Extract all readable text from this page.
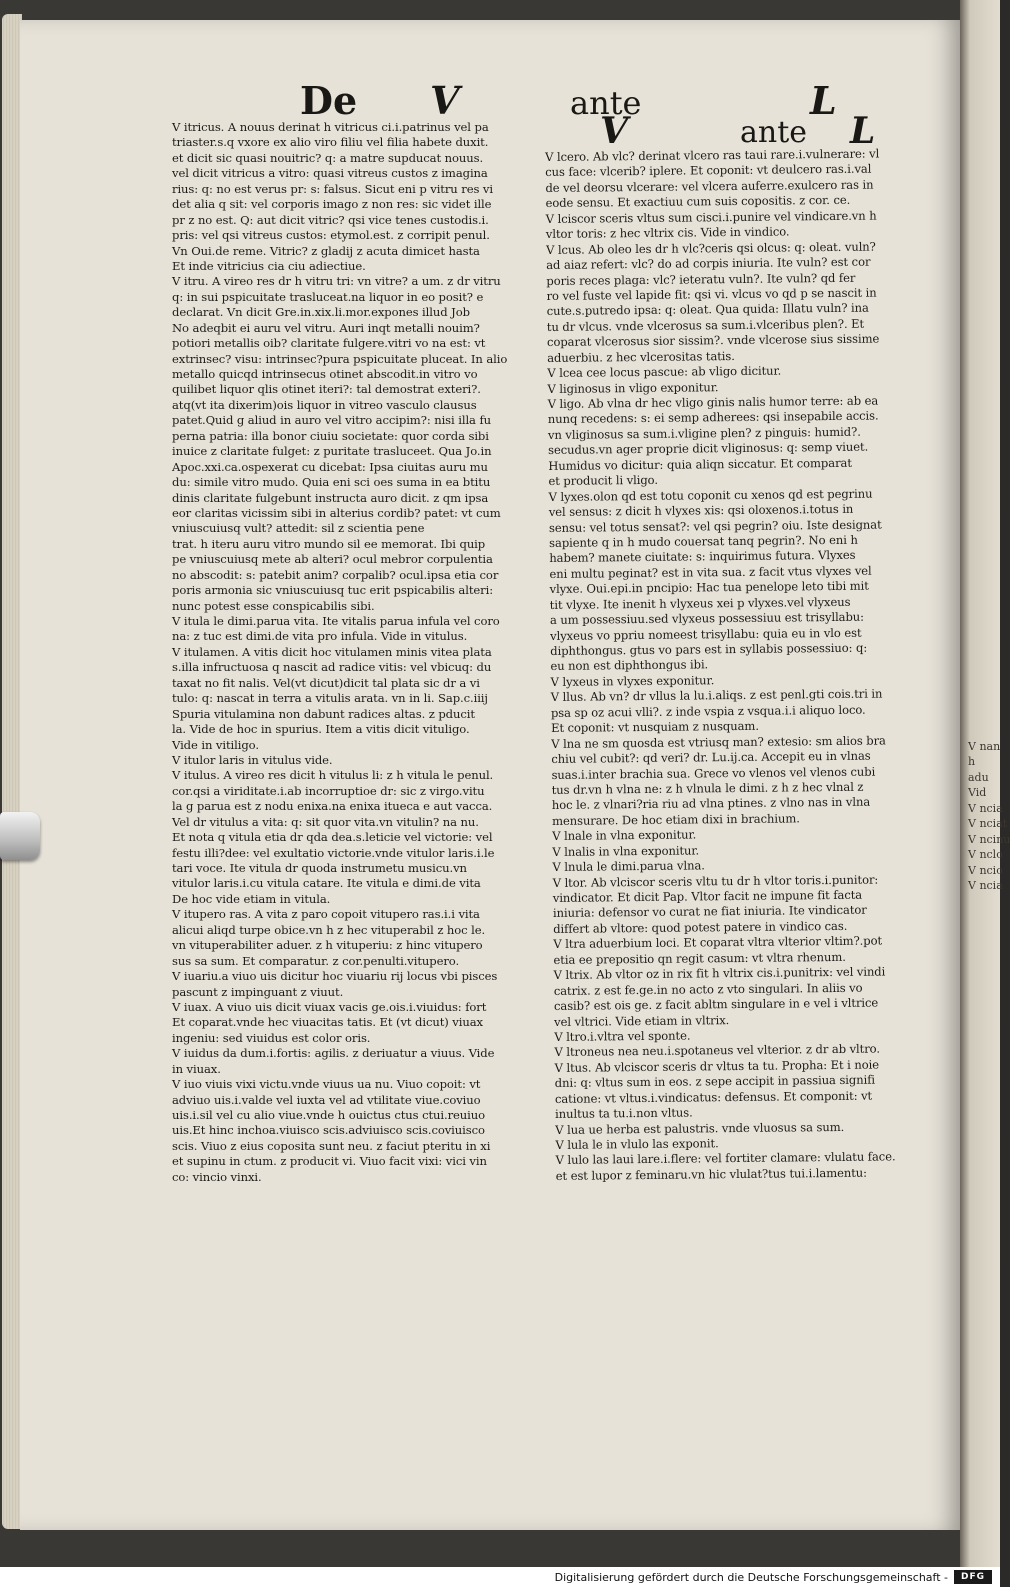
De V	ante	L
V	ante L
V itricus. A nouus derinat h vitricus ci.i.patrinus vel pa
triaster.s.q vxore ex alio viro filiu vel filia habete duxit.
et dicit sic quasi nouitric? q: a matre supducat nouus.
vel dicit vitricus a vitro: quasi vitreus custos z imagina
rius: q: no est verus pr: s: falsus. Sicut eni p vitru res vi
det alia q sit: vel corporis imago z non res: sic videt ille
pr z no est. Q: aut dicit vitric? qsi vice tenes custodis.i.
pris: vel qsi vitreus custos: etymol.est. z corripit penul.
Vn Oui.de reme. Vitric? z gladij z acuta dimicet hasta
Et inde vitricius cia ciu adiectiue.
V itru. A vireo res dr h vitru tri: vn vitre? a um. z dr vitru
q: in sui pspicuitate trasluceat.na liquor in eo posit? e
declarat. Vn dicit Gre.in.xix.li.mor.expones illud Job
No adeqbit ei auru vel vitru. Auri inqt metalli nouim?
potiori metallis oib? claritate fulgere.vitri vo na est: vt
extrinsec? visu: intrinsec?pura pspicuitate pluceat. In alio
metallo quicqd intrinsecus otinet abscodit.in vitro vo
quilibet liquor qlis otinet iteri?: tal demostrat exteri?.
atq(vt ita dixerim)ois liquor in vitreo vasculo clausus
patet.Quid g aliud in auro vel vitro accipim?: nisi illa fu
perna patria: illa bonor ciuiu societate: quor corda sibi
inuice z claritate fulget: z puritate trasluceet. Qua Jo.in
Apoc.xxi.ca.ospexerat cu dicebat: Ipsa ciuitas auru mu
du: simile vitro mudo. Quia eni sci oes suma in ea btitu
dinis claritate fulgebunt instructa auro dicit. z qm ipsa
eor claritas vicissim sibi in alterius cordib? patet: vt cum
vniuscuiusq vult? attedit: sil z scientia pene
trat. h iteru auru vitro mundo sil ee memorat. Ibi quip
pe vniuscuiusq mete ab alteri? ocul mebror corpulentia
no abscodit: s: patebit anim? corpalib? ocul.ipsa etia cor
poris armonia sic vniuscuiusq tuc erit pspicabilis alteri:
nunc potest esse conspicabilis sibi.
V itula le dimi.parua vita. Ite vitalis parua infula vel coro
na: z tuc est dimi.de vita pro infula. Vide in vitulus.
V itulamen. A vitis dicit hoc vitulamen minis vitea plata
s.illa infructuosa q nascit ad radice vitis: vel vbicuq: du
taxat no fit nalis. Vel(vt dicut)dicit tal plata sic dr a vi
tulo: q: nascat in terra a vitulis arata. vn in li. Sap.c.iiij
Spuria vitulamina non dabunt radices altas. z pducit
la. Vide de hoc in spurius. Item a vitis dicit vituligo.
Vide in vitiligo.
V itulor laris in vitulus vide.
V itulus. A vireo res dicit h vitulus li: z h vitula le penul.
cor.qsi a viriditate.i.ab incorruptioe dr: sic z virgo.vitu
la g parua est z nodu enixa.na enixa itueca e aut vacca.
Vel dr vitulus a vita: q: sit quor vita.vn vitulin? na nu.
Et nota q vitula etia dr qda dea.s.leticie vel victorie: vel
festu illi?dee: vel exultatio victorie.vnde vitulor laris.i.le
tari voce. Ite vitula dr quoda instrumetu musicu.vn
vitulor laris.i.cu vitula catare. Ite vitula e dimi.de vita
De hoc vide etiam in vitula.
V itupero ras. A vita z paro copoit vitupero ras.i.i vita
alicui aliqd turpe obice.vn h z hec vituperabil z hoc le.
vn vituperabiliter aduer. z h vituperiu: z hinc vitupero
sus sa sum. Et comparatur. z cor.penulti.vitupero.
V iuariu.a viuo uis dicitur hoc viuariu rij locus vbi pisces
pascunt z impinguant z viuut.
V iuax. A viuo uis dicit viuax vacis ge.ois.i.viuidus: fort
Et coparat.vnde hec viuacitas tatis. Et (vt dicut) viuax
ingeniu: sed viuidus est color oris.
V iuidus da dum.i.fortis: agilis. z deriuatur a viuus. Vide
in viuax.
V iuo viuis vixi victu.vnde viuus ua nu. Viuo copoit: vt
adviuo uis.i.valde vel iuxta vel ad vtilitate viue.coviuo
uis.i.sil vel cu alio viue.vnde h ouictus ctus ctui.reuiuo
uis.Et hinc inchoa.viuisco scis.adviuisco scis.coviuisco
scis. Viuo z eius coposita sunt neu. z faciut pteritu in xi
et supinu in ctum. z producit vi. Viuo facit vixi: vici vin
co: vincio vinxi.
V lcero. Ab vlc? derinat vlcero ras taui rare.i.vulnerare: vl
cus face: vlcerib? iplere. Et coponit: vt deulcero ras.i.val
de vel deorsu vlcerare: vel vlcera auferre.exulcero ras in
eode sensu. Et exactiuu cum suis copositis. z cor. ce.
V lciscor sceris vltus sum cisci.i.punire vel vindicare.vn h
vltor toris: z hec vltrix cis. Vide in vindico.
V lcus. Ab oleo les dr h vlc?ceris qsi olcus: q: oleat. vuln?
ad aiaz refert: vlc? do ad corpis iniuria. Ite vuln? est cor
poris reces plaga: vlc? ieteratu vuln?. Ite vuln? qd fer
ro vel fuste vel lapide fit: qsi vi. vlcus vo qd p se nascit in
cute.s.putredo ipsa: q: oleat. Qua quida: Illatu vuln? ina
tu dr vlcus. vnde vlcerosus sa sum.i.vlceribus plen?. Et
coparat vlcerosus sior sissim?. vnde vlcerose sius sissime
aduerbiu. z hec vlcerositas tatis.
V lcea cee locus pascue: ab vligo dicitur.
V liginosus in vligo exponitur.
V ligo. Ab vlna dr hec vligo ginis nalis humor terre: ab ea
nunq recedens: s: ei semp adherees: qsi insepabile accis.
vn vliginosus sa sum.i.vligine plen? z pinguis: humid?.
secudus.vn ager proprie dicit vliginosus: q: semp viuet.
Humidus vo dicitur: quia aliqn siccatur. Et comparat
et producit li vligo.
V lyxes.olon qd est totu coponit cu xenos qd est pegrinu
vel sensus: z dicit h vlyxes xis: qsi oloxenos.i.totus in
sensu: vel totus sensat?: vel qsi pegrin? oiu. Iste designat
sapiente q in h mudo couersat tanq pegrin?. No eni h
habem? manete ciuitate: s: inquirimus futura. Vlyxes
eni multu peginat? est in vita sua. z facit vtus vlyxes vel
vlyxe. Oui.epi.in pncipio: Hac tua penelope leto tibi mit
tit vlyxe. Ite inenit h vlyxeus xei p vlyxes.vel vlyxeus
a um possessiuu.sed vlyxeus possessiuu est trisyllabu:
vlyxeus vo ppriu nomeest trisyllabu: quia eu in vlo est
diphthongus. gtus vo pars est in syllabis possessiuo: q:
eu non est diphthongus ibi.
V lyxeus in vlyxes exponitur.
V llus. Ab vn? dr vllus la lu.i.aliqs. z est penl.gti cois.tri in
psa sp oz acui vlli?. z inde vspia z vsqua.i.i aliquo loco.
Et coponit: vt nusquiam z nusquam.
V lna ne sm quosda est vtriusq man? extesio: sm alios bra
chiu vel cubit?: qd veri? dr. Lu.ij.ca. Accepit eu in vlnas
suas.i.inter brachia sua. Grece vo vlenos vel vlenos cubi
tus dr.vn h vlna ne: z h vlnula le dimi. z h z hec vlnal z
hoc le. z vlnari?ria riu ad vlna ptines. z vlno nas in vlna
mensurare. De hoc etiam dixi in brachium.
V lnale in vlna exponitur.
V lnalis in vlna exponitur.
V lnula le dimi.parua vlna.
V ltor. Ab vlciscor sceris vltu tu dr h vltor toris.i.punitor:
vindicator. Et dicit Pap. Vltor facit ne impune fit facta
iniuria: defensor vo curat ne fiat iniuria. Ite vindicator
differt ab vltore: quod potest patere in vindico cas.
V ltra aduerbium loci. Et coparat vltra vlterior vltim?.pot
etia ee prepositio qn regit casum: vt vltra rhenum.
V ltrix. Ab vltor oz in rix fit h vltrix cis.i.punitrix: vel vindi
catrix. z est fe.ge.in no acto z vto singulari. In aliis vo
casib? est ois ge. z facit abltm singulare in e vel i vltrice
vel vltrici. Vide etiam in vltrix.
V ltro.i.vltra vel sponte.
V ltroneus nea neu.i.spotaneus vel vlterior. z dr ab vltro.
V ltus. Ab vlciscor sceris dr vltus ta tu. Propha: Et i noie
dni: q: vltus sum in eos. z sepe accipit in passiua signifi
catione: vt vltus.i.vindicatus: defensus. Et componit: vt
inultus ta tu.i.non vltus.
V lua ue herba est palustris. vnde vluosus sa sum.
V lula le in vlulo las exponit.
V lulo las laui lare.i.flere: vel fortiter clamare: vlulatu face.
et est lupor z feminaru.vn hic vlulat?tus tui.i.lamentu:
V nan
h
adu
Vid
V ncia
V nciat
V ncinu
V nclo
V ncio
V ncia
Digitalisierung gefördert durch die Deutsche Forschungsgemeinschaft -	DFG
